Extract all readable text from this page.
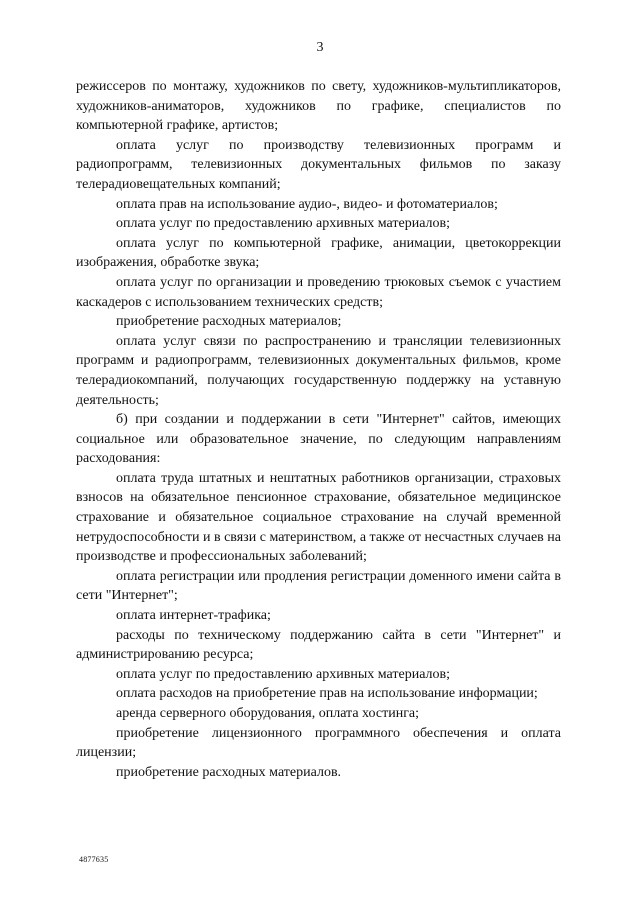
3

режиссеров по монтажу, художников по свету, художников-мультипликаторов, художников-аниматоров, художников по графике, специалистов по компьютерной графике, артистов;

оплата услуг по производству телевизионных программ и радиопрограмм, телевизионных документальных фильмов по заказу телерадиовещательных компаний;

оплата прав на использование аудио-, видео- и фотоматериалов;

оплата услуг по предоставлению архивных материалов;

оплата услуг по компьютерной графике, анимации, цветокоррекции изображения, обработке звука;

оплата услуг по организации и проведению трюковых съемок с участием каскадеров с использованием технических средств;

приобретение расходных материалов;

оплата услуг связи по распространению и трансляции телевизионных программ и радиопрограмм, телевизионных документальных фильмов, кроме телерадиокомпаний, получающих государственную поддержку на уставную деятельность;

б) при создании и поддержании в сети "Интернет" сайтов, имеющих социальное или образовательное значение, по следующим направлениям расходования:

оплата труда штатных и нештатных работников организации, страховых взносов на обязательное пенсионное страхование, обязательное медицинское страхование и обязательное социальное страхование на случай временной нетрудоспособности и в связи с материнством, а также от несчастных случаев на производстве и профессиональных заболеваний;

оплата регистрации или продления регистрации доменного имени сайта в сети "Интернет";

оплата интернет-трафика;

расходы по техническому поддержанию сайта в сети "Интернет" и администрированию ресурса;

оплата услуг по предоставлению архивных материалов;

оплата расходов на приобретение прав на использование информации;

аренда серверного оборудования, оплата хостинга;

приобретение лицензионного программного обеспечения и оплата лицензии;

приобретение расходных материалов.

4877635
